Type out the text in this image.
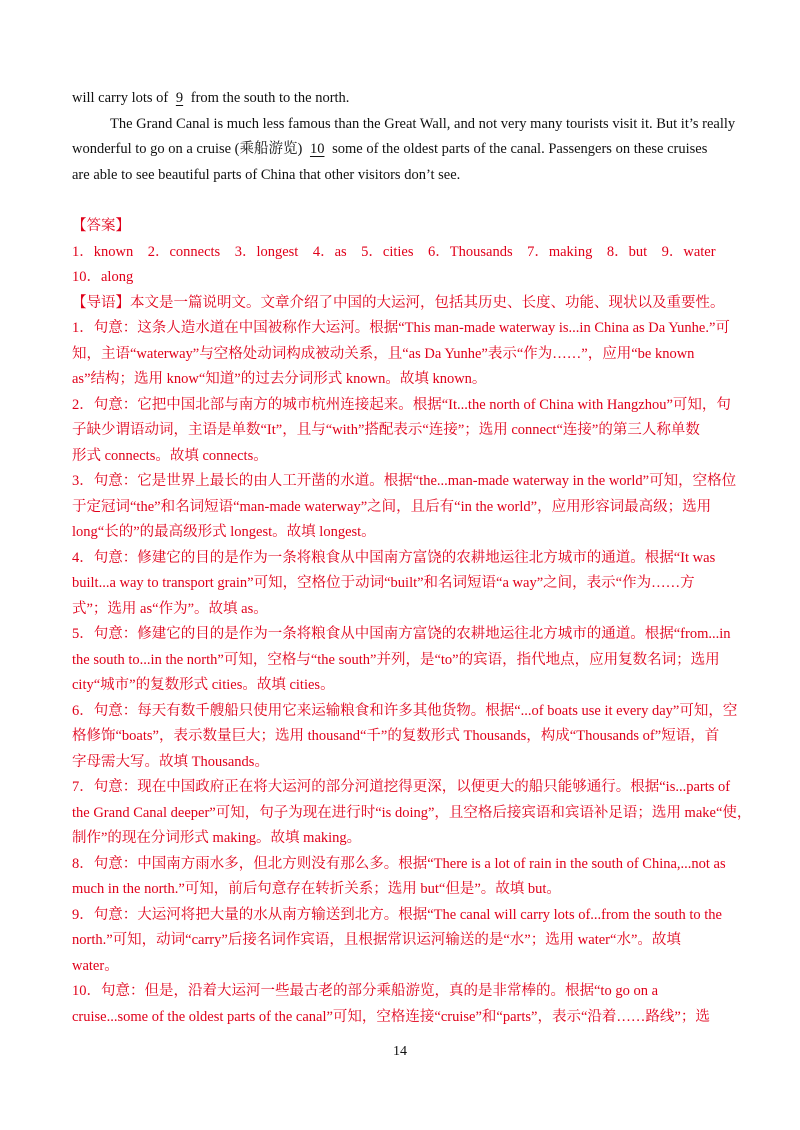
will carry lots of 9 from the south to the north.
The Grand Canal is much less famous than the Great Wall, and not very many tourists visit it. But it’s really
wonderful to go on a cruise (乘船游览) 10 some of the oldest parts of the canal. Passengers on these cruises
are able to see beautiful parts of China that other visitors don’t see.
【答案】
1．known　2．connects　3．longest　4．as　5．cities　6．Thousands　7．making　8．but　9．water
10．along
【导语】本文是一篇说明文。文章介绍了中国的大运河，包括其历史、长度、功能、现状以及重要性。
1．句意：这条人造水道在中国被称作大运河。根据“This man-made waterway is...in China as Da Yunhe.”可
知，主语“waterway”与空格处动词构成被动关系，且“as Da Yunhe”表示“作为……”，应用“be known
as”结构；选用 know“知道”的过去分词形式 known。故填 known。
2．句意：它把中国北部与南方的城市杭州连接起来。根据“It...the north of China with Hangzhou”可知，句
子缺少谓语动词，主语是单数“It”，且与“with”搭配表示“连接”；选用 connect“连接”的第三人称单数
形式 connects。故填 connects。
3．句意：它是世界上最长的由人工开凿的水道。根据“the...man-made waterway in the world”可知，空格位
于定冠词“the”和名词短语“man-made waterway”之间，且后有“in the world”，应用形容词最高级；选用
long“长的”的最高级形式 longest。故填 longest。
4．句意：修建它的目的是作为一条将粮食从中国南方富饶的农耕地运往北方城市的通道。根据“It was
built...a way to transport grain”可知，空格位于动词“built”和名词短语“a way”之间，表示“作为……方
式”；选用 as“作为”。故填 as。
5．句意：修建它的目的是作为一条将粮食从中国南方富饶的农耕地运往北方城市的通道。根据“from...in
the south to...in the north”可知，空格与“the south”并列，是“to”的宾语，指代地点，应用复数名词；选用
city“城市”的复数形式 cities。故填 cities。
6．句意：每天有数千艘船只使用它来运输粮食和许多其他货物。根据“...of boats use it every day”可知，空
格修饰“boats”，表示数量巨大；选用 thousand“千”的复数形式 Thousands，构成“Thousands of”短语，首
字母需大写。故填 Thousands。
7．句意：现在中国政府正在将大运河的部分河道挖得更深，以便更大的船只能够通行。根据“is...parts of
the Grand Canal deeper”可知，句子为现在进行时“is doing”，且空格后接宾语和宾语补足语；选用 make“使，
制作”的现在分词形式 making。故填 making。
8．句意：中国南方雨水多，但北方则没有那么多。根据“There is a lot of rain in the south of China,...not as
much in the north.”可知，前后句意存在转折关系；选用 but“但是”。故填 but。
9．句意：大运河将把大量的水从南方输送到北方。根据“The canal will carry lots of...from the south to the
north.”可知，动词“carry”后接名词作宾语，且根据常识运河输送的是“水”；选用 water“水”。故填
water。
10．句意：但是，沿着大运河一些最古老的部分乘船游览，真的是非常棒的。根据“to go on a
cruise...some of the oldest parts of the canal”可知，空格连接“cruise”和“parts”，表示“沿着……路线”；选
14
